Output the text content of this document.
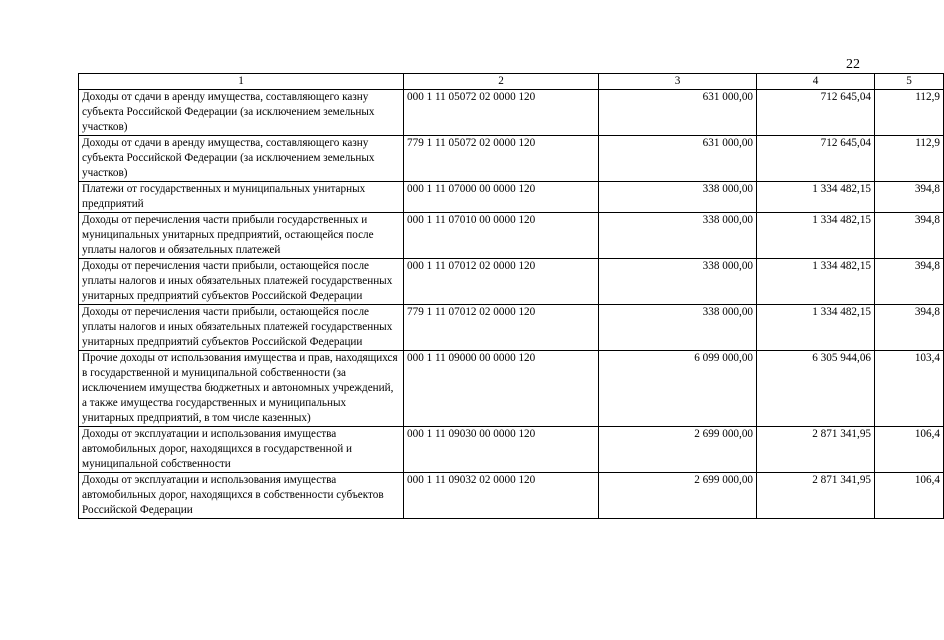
22
1	2	3	4	5
Доходы от сдачи в аренду имущества, составляющего казну субъекта Российской Федерации (за исключением земельных участков)	000 1 11 05072 02 0000 120	631 000,00	712 645,04	112,9
Доходы от сдачи в аренду имущества, составляющего казну субъекта Российской Федерации (за исключением земельных участков)	779 1 11 05072 02 0000 120	631 000,00	712 645,04	112,9
Платежи от государственных и муниципальных унитарных предприятий	000 1 11 07000 00 0000 120	338 000,00	1 334 482,15	394,8
Доходы от перечисления части прибыли государственных и муниципальных унитарных предприятий, остающейся после уплаты налогов и обязательных платежей	000 1 11 07010 00 0000 120	338 000,00	1 334 482,15	394,8
Доходы от перечисления части прибыли, остающейся после уплаты налогов и иных обязательных платежей государственных унитарных предприятий субъектов Российской Федерации	000 1 11 07012 02 0000 120	338 000,00	1 334 482,15	394,8
Доходы от перечисления части прибыли, остающейся после уплаты налогов и иных обязательных платежей государственных унитарных предприятий субъектов Российской Федерации	779 1 11 07012 02 0000 120	338 000,00	1 334 482,15	394,8
Прочие доходы от использования имущества и прав, находящихся в государственной и муниципальной собственности (за исключением имущества бюджетных и автономных учреждений, а также имущества государственных и муниципальных унитарных предприятий, в том числе казенных)	000 1 11 09000 00 0000 120	6 099 000,00	6 305 944,06	103,4
Доходы от эксплуатации и использования имущества автомобильных дорог, находящихся в государственной и муниципальной собственности	000 1 11 09030 00 0000 120	2 699 000,00	2 871 341,95	106,4
Доходы от эксплуатации и использования имущества автомобильных дорог, находящихся в собственности субъектов Российской Федерации	000 1 11 09032 02 0000 120	2 699 000,00	2 871 341,95	106,4
